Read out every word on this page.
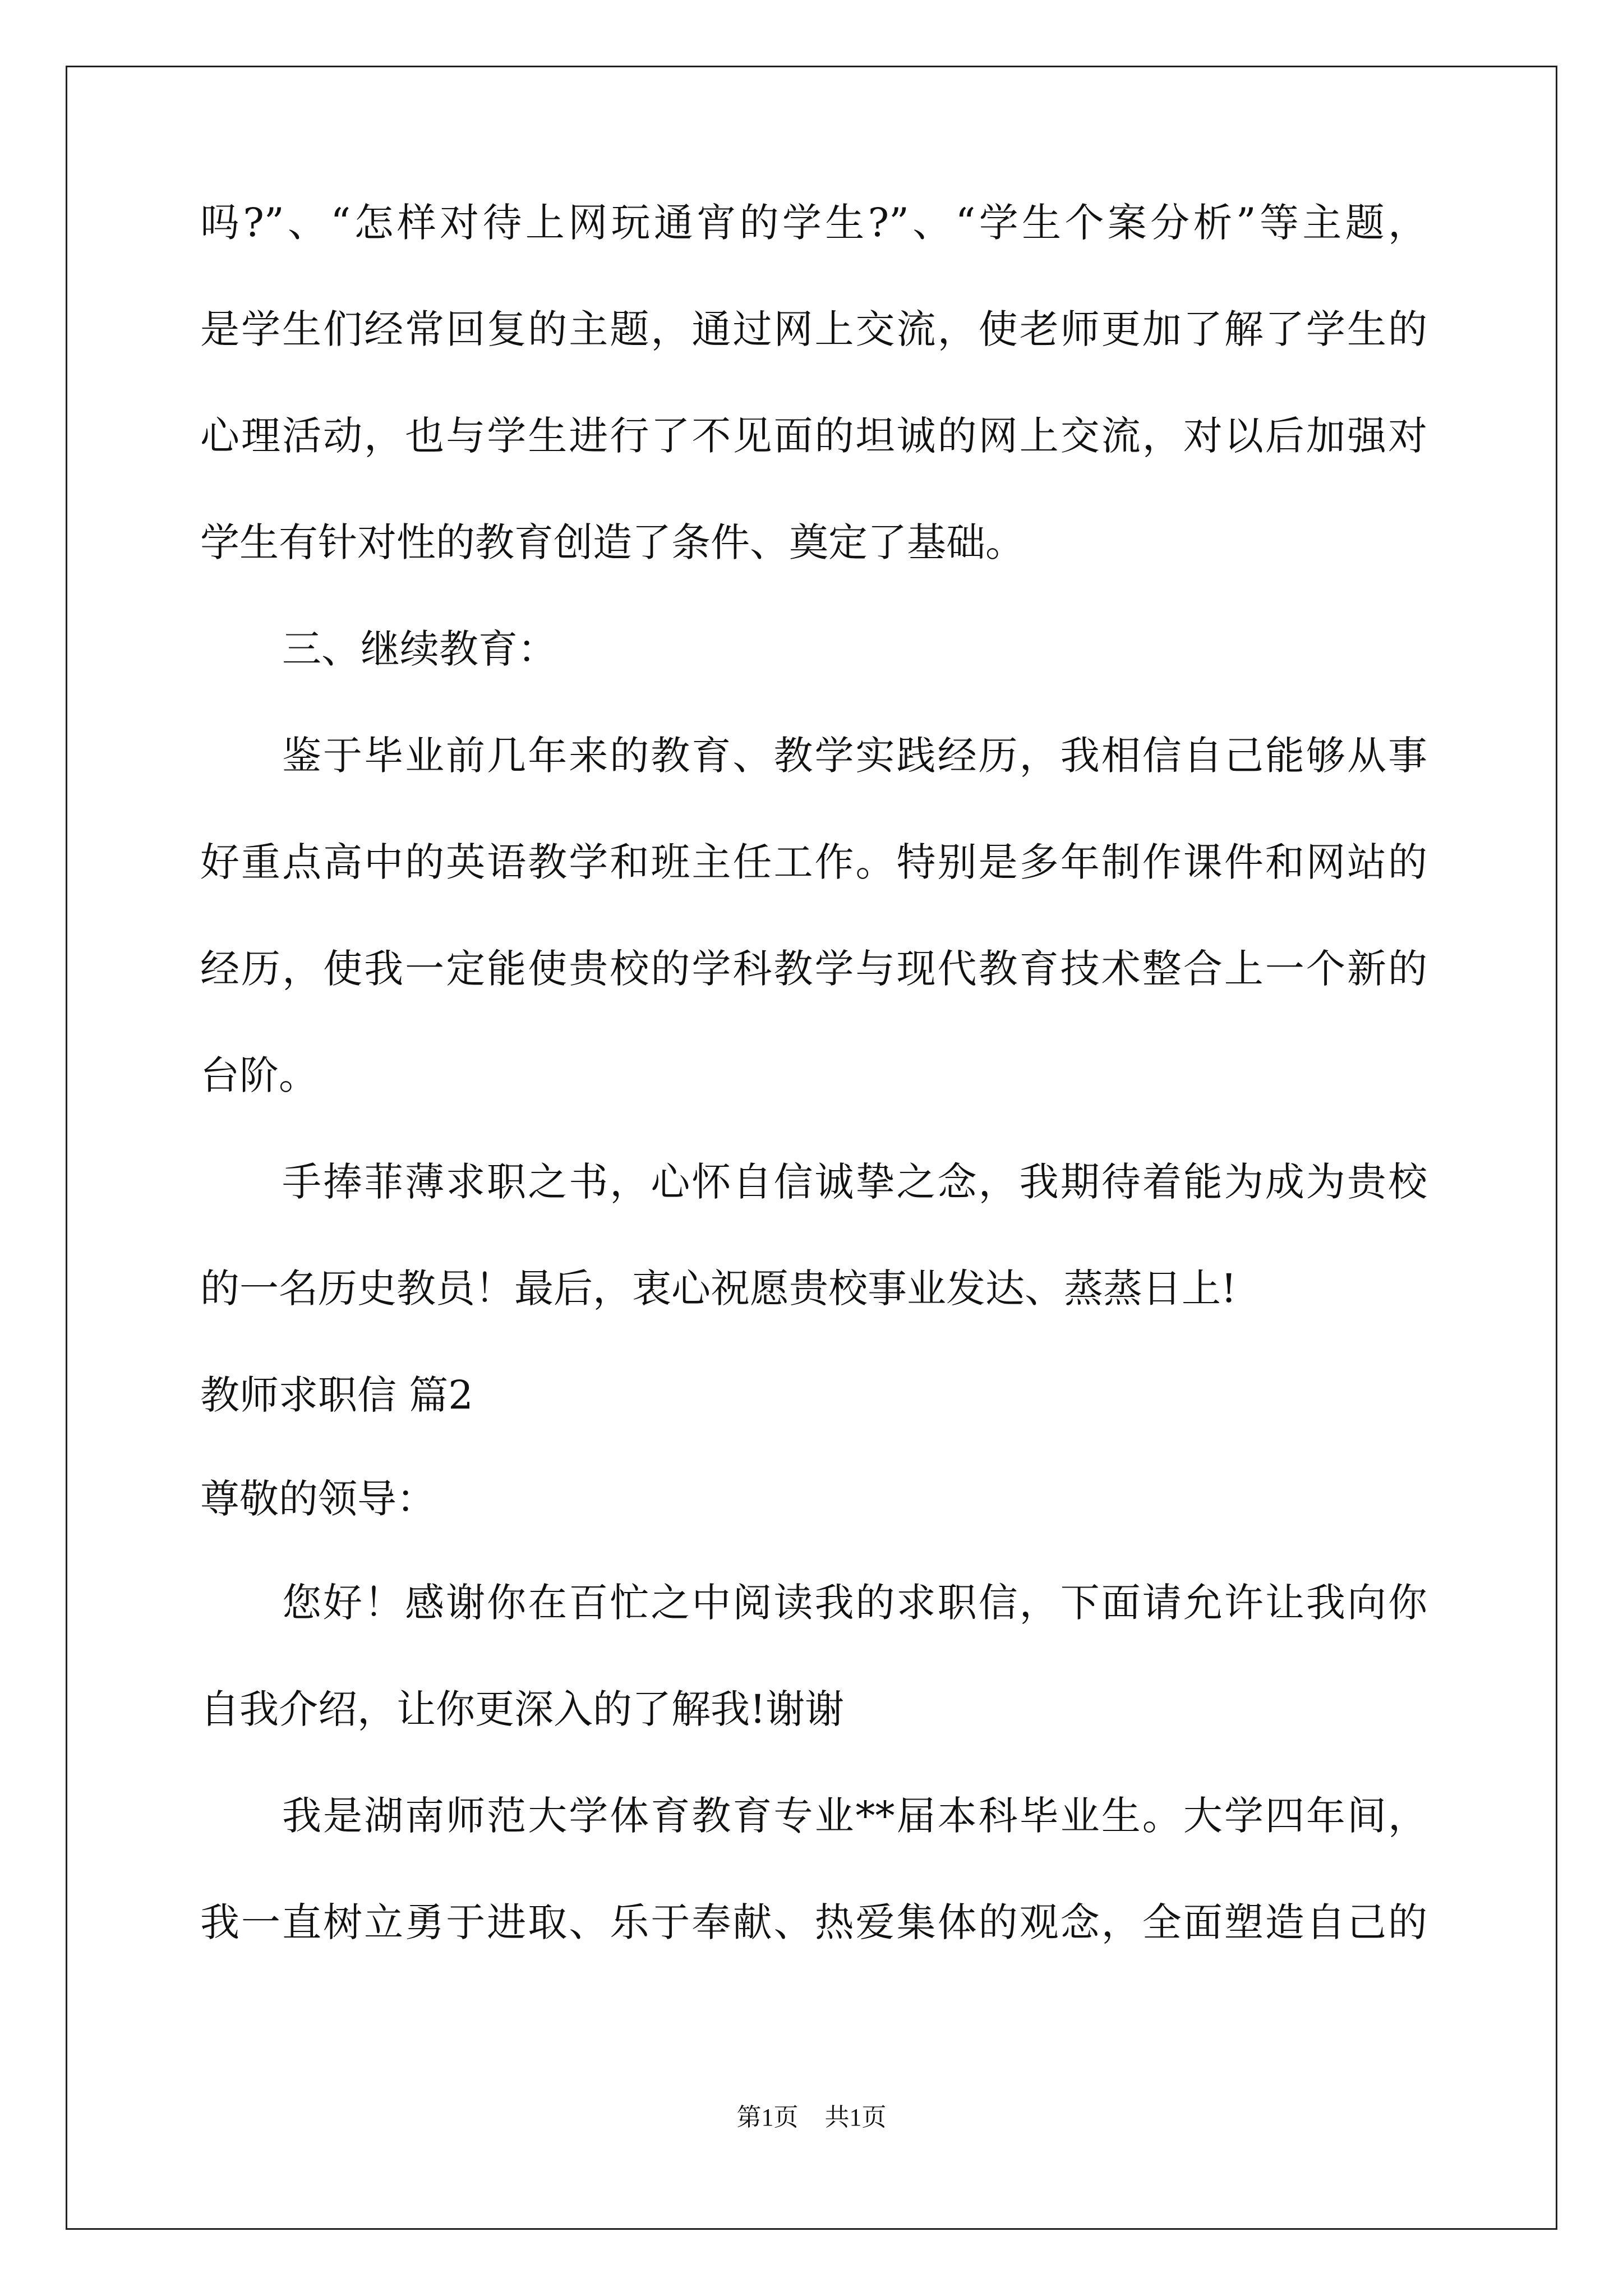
吗?”、“怎样对待上网玩通宵的学生?”、“学生个案分析”等主题，
是学生们经常回复的主题，通过网上交流，使老师更加了解了学生的
心理活动，也与学生进行了不见面的坦诚的网上交流，对以后加强对
学生有针对性的教育创造了条件、奠定了基础。
三、继续教育：
鉴于毕业前几年来的教育、教学实践经历，我相信自己能够从事
好重点高中的英语教学和班主任工作。特别是多年制作课件和网站的
经历，使我一定能使贵校的学科教学与现代教育技术整合上一个新的
台阶。
手捧菲薄求职之书，心怀自信诚挚之念，我期待着能为成为贵校
的一名历史教员！最后，衷心祝愿贵校事业发达、蒸蒸日上!
教师求职信 篇2
尊敬的领导：
您好！感谢你在百忙之中阅读我的求职信，下面请允许让我向你
自我介绍，让你更深入的了解我!谢谢
我是湖南师范大学体育教育专业**届本科毕业生。大学四年间，
我一直树立勇于进取、乐于奉献、热爱集体的观念，全面塑造自己的
第1页 共1页
